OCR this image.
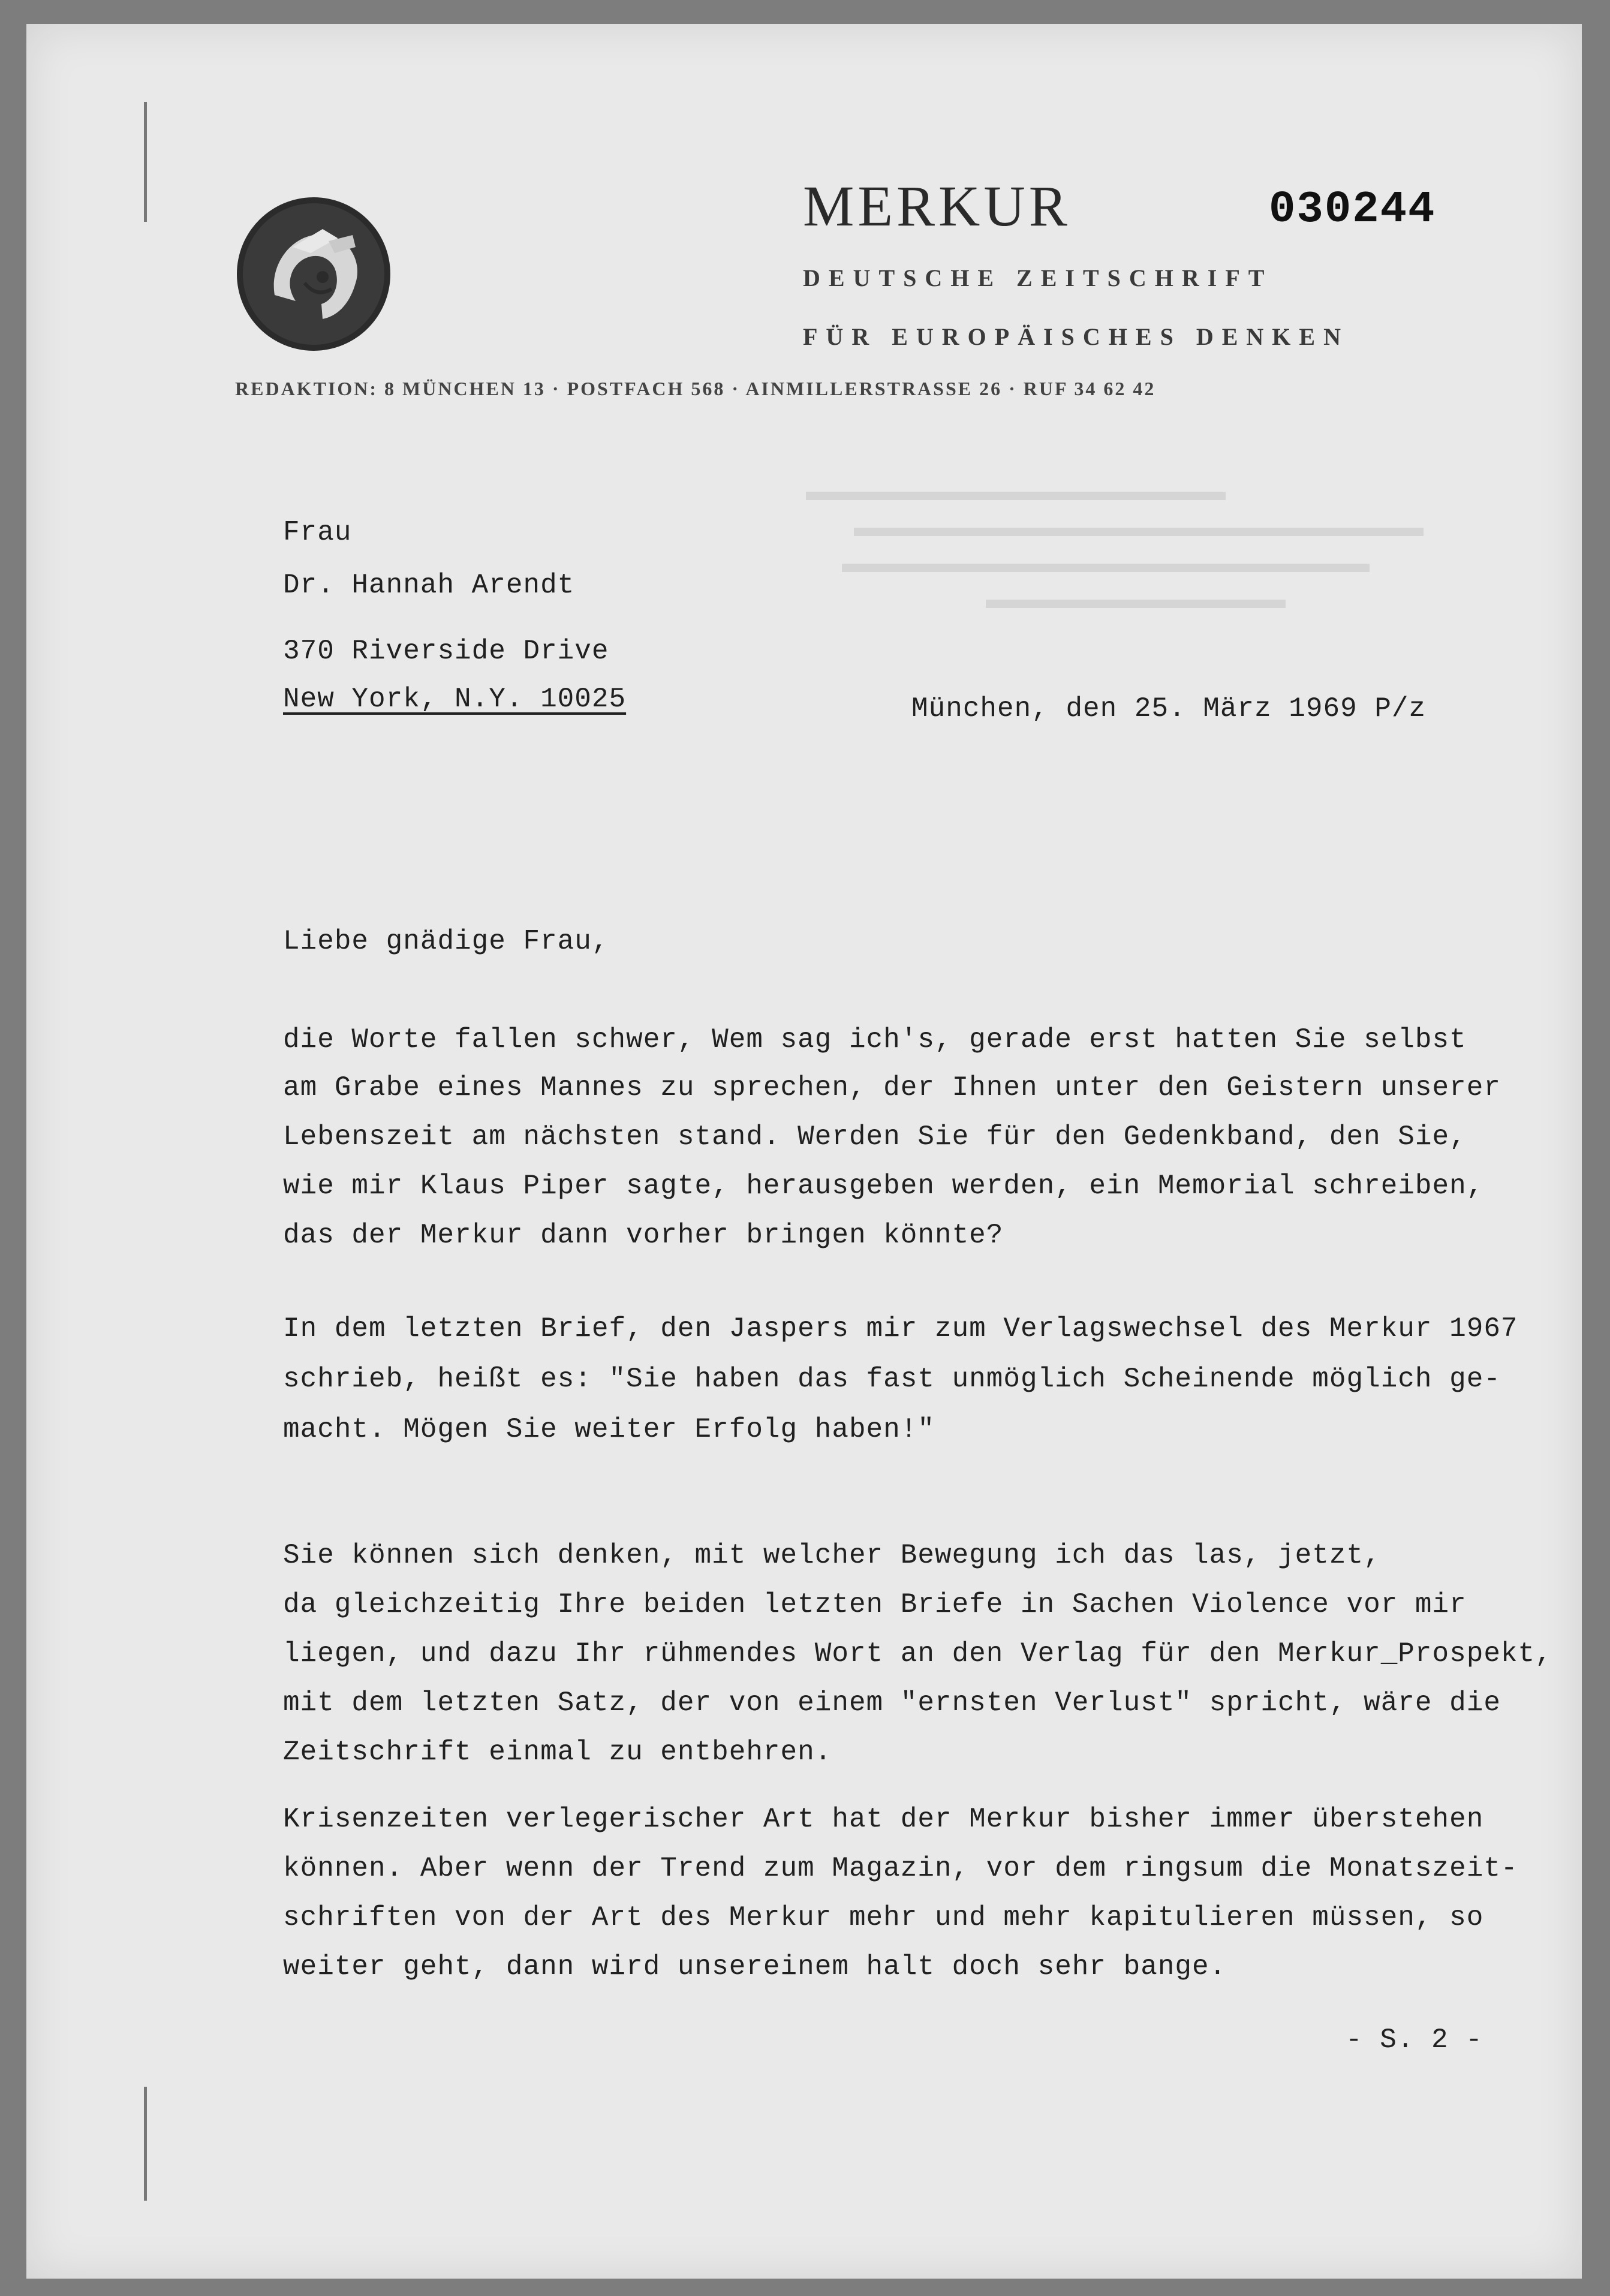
MERKUR
DEUTSCHE ZEITSCHRIFT
FÜR EUROPÄISCHES DENKEN
REDAKTION: 8 MÜNCHEN 13 · POSTFACH 568 · AINMILLERSTRASSE 26 · RUF 34 62 42
030244
Frau
Dr. Hannah Arendt
370 Riverside Drive
New York, N.Y. 10025	München, den 25. März 1969 P/z
Liebe gnädige Frau,
die Worte fallen schwer, Wem sag ich's, gerade erst hatten Sie selbst
am Grabe eines Mannes zu sprechen, der Ihnen unter den Geistern unserer
Lebenszeit am nächsten stand. Werden Sie für den Gedenkband, den Sie,
wie mir Klaus Piper sagte, herausgeben werden, ein Memorial schreiben,
das der Merkur dann vorher bringen könnte?
In dem letzten Brief, den Jaspers mir zum Verlagswechsel des Merkur 1967
schrieb, heißt es: "Sie haben das fast unmöglich Scheinende möglich ge-
macht. Mögen Sie weiter Erfolg haben!"
Sie können sich denken, mit welcher Bewegung ich das las, jetzt,
da gleichzeitig Ihre beiden letzten Briefe in Sachen Violence vor mir
liegen, und dazu Ihr rühmendes Wort an den Verlag für den Merkur_Prospekt,
mit dem letzten Satz, der von einem "ernsten Verlust" spricht, wäre die
Zeitschrift einmal zu entbehren.
Krisenzeiten verlegerischer Art hat der Merkur bisher immer überstehen
können. Aber wenn der Trend zum Magazin, vor dem ringsum die Monatszeit-
schriften von der Art des Merkur mehr und mehr kapitulieren müssen, so
weiter geht, dann wird unsereinem halt doch sehr bange.
- S. 2 -
